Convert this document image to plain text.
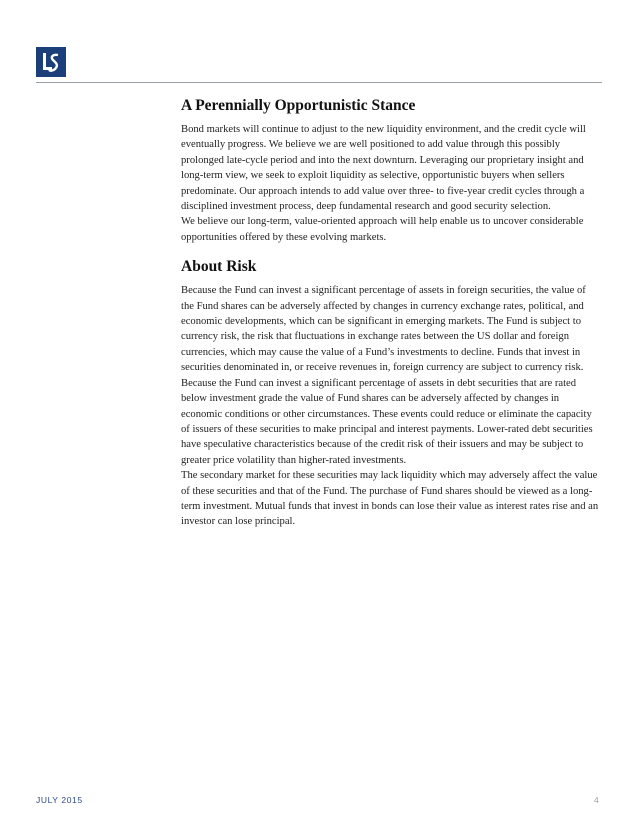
A Perennially Opportunistic Stance

Bond markets will continue to adjust to the new liquidity environment, and the credit cycle will eventually progress. We believe we are well positioned to add value through this possibly prolonged late-cycle period and into the next downturn. Leveraging our proprietary insight and long-term view, we seek to exploit liquidity as selective, opportunistic buyers when sellers predominate. Our approach intends to add value over three- to five-year credit cycles through a disciplined investment process, deep fundamental research and good security selection.

We believe our long-term, value-oriented approach will help enable us to uncover considerable opportunities offered by these evolving markets.

About Risk

Because the Fund can invest a significant percentage of assets in foreign securities, the value of the Fund shares can be adversely affected by changes in currency exchange rates, political, and economic developments, which can be significant in emerging markets. The Fund is subject to currency risk, the risk that fluctuations in exchange rates between the US dollar and foreign currencies, which may cause the value of a Fund’s investments to decline. Funds that invest in securities denominated in, or receive revenues in, foreign currency are subject to currency risk. Because the Fund can invest a significant percentage of assets in debt securities that are rated below investment grade the value of Fund shares can be adversely affected by changes in economic conditions or other circumstances. These events could reduce or eliminate the capacity of issuers of these securities to make principal and interest payments. Lower-rated debt securities have speculative characteristics because of the credit risk of their issuers and may be subject to greater price volatility than higher-rated investments.

The secondary market for these securities may lack liquidity which may adversely affect the value of these securities and that of the Fund. The purchase of Fund shares should be viewed as a long-term investment. Mutual funds that invest in bonds can lose their value as interest rates rise and an investor can lose principal.

JULY 2015	4
